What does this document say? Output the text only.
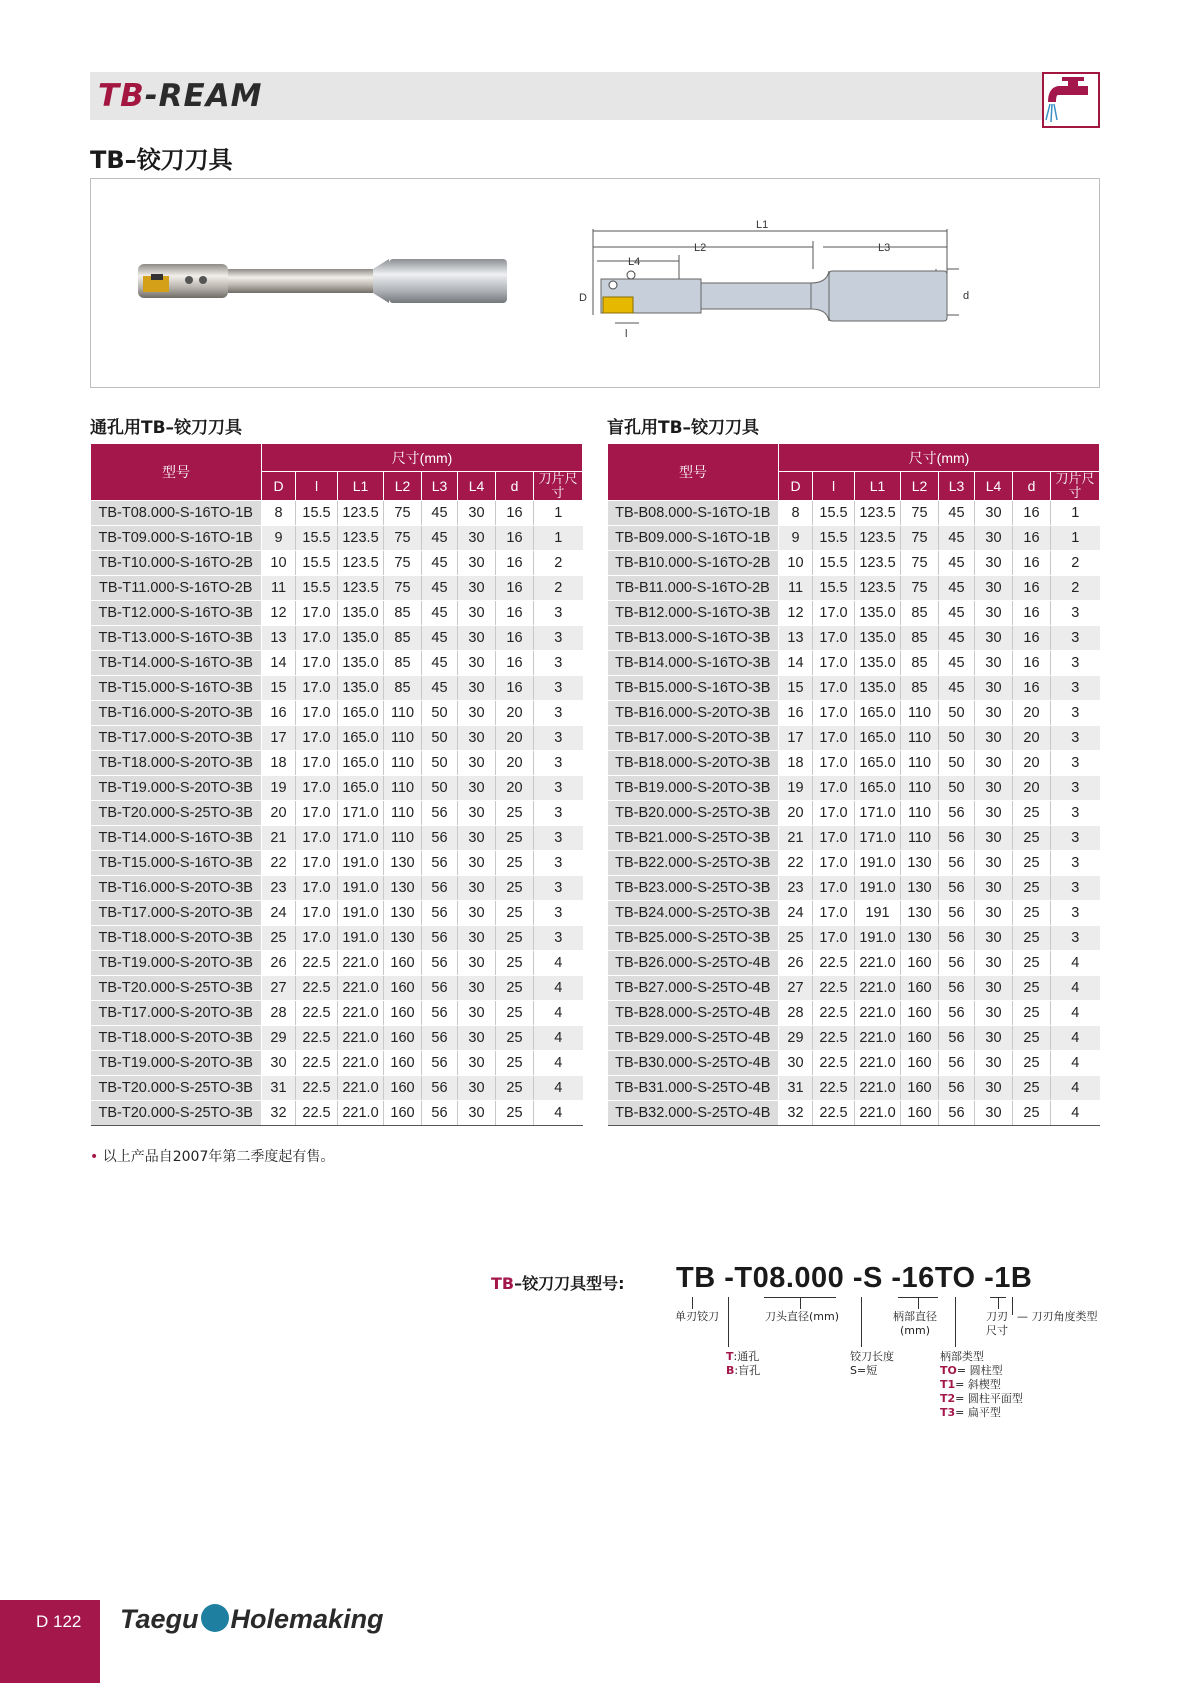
TB-REAM
TB–铰刀刀具
L1
L2	L3
L4
D	d
l
通孔用TB–铰刀刀具
型号	尺寸(mm)							
	D	l	L1	L2	L3	L4	d	刀片尺寸
TB-T08.000-S-16TO-1B	8	15.5	123.5	75	45	30	16	1
TB-T09.000-S-16TO-1B	9	15.5	123.5	75	45	30	16	1
TB-T10.000-S-16TO-2B	10	15.5	123.5	75	45	30	16	2
TB-T11.000-S-16TO-2B	11	15.5	123.5	75	45	30	16	2
TB-T12.000-S-16TO-3B	12	17.0	135.0	85	45	30	16	3
TB-T13.000-S-16TO-3B	13	17.0	135.0	85	45	30	16	3
TB-T14.000-S-16TO-3B	14	17.0	135.0	85	45	30	16	3
TB-T15.000-S-16TO-3B	15	17.0	135.0	85	45	30	16	3
TB-T16.000-S-20TO-3B	16	17.0	165.0	110	50	30	20	3
TB-T17.000-S-20TO-3B	17	17.0	165.0	110	50	30	20	3
TB-T18.000-S-20TO-3B	18	17.0	165.0	110	50	30	20	3
TB-T19.000-S-20TO-3B	19	17.0	165.0	110	50	30	20	3
TB-T20.000-S-25TO-3B	20	17.0	171.0	110	56	30	25	3
TB-T14.000-S-16TO-3B	21	17.0	171.0	110	56	30	25	3
TB-T15.000-S-16TO-3B	22	17.0	191.0	130	56	30	25	3
TB-T16.000-S-20TO-3B	23	17.0	191.0	130	56	30	25	3
TB-T17.000-S-20TO-3B	24	17.0	191.0	130	56	30	25	3
TB-T18.000-S-20TO-3B	25	17.0	191.0	130	56	30	25	3
TB-T19.000-S-20TO-3B	26	22.5	221.0	160	56	30	25	4
TB-T20.000-S-25TO-3B	27	22.5	221.0	160	56	30	25	4
TB-T17.000-S-20TO-3B	28	22.5	221.0	160	56	30	25	4
TB-T18.000-S-20TO-3B	29	22.5	221.0	160	56	30	25	4
TB-T19.000-S-20TO-3B	30	22.5	221.0	160	56	30	25	4
TB-T20.000-S-25TO-3B	31	22.5	221.0	160	56	30	25	4
TB-T20.000-S-25TO-3B	32	22.5	221.0	160	56	30	25	4
盲孔用TB–铰刀刀具
型号	尺寸(mm)							
	D	l	L1	L2	L3	L4	d	刀片尺寸
TB-B08.000-S-16TO-1B	8	15.5	123.5	75	45	30	16	1
TB-B09.000-S-16TO-1B	9	15.5	123.5	75	45	30	16	1
TB-B10.000-S-16TO-2B	10	15.5	123.5	75	45	30	16	2
TB-B11.000-S-16TO-2B	11	15.5	123.5	75	45	30	16	2
TB-B12.000-S-16TO-3B	12	17.0	135.0	85	45	30	16	3
TB-B13.000-S-16TO-3B	13	17.0	135.0	85	45	30	16	3
TB-B14.000-S-16TO-3B	14	17.0	135.0	85	45	30	16	3
TB-B15.000-S-16TO-3B	15	17.0	135.0	85	45	30	16	3
TB-B16.000-S-20TO-3B	16	17.0	165.0	110	50	30	20	3
TB-B17.000-S-20TO-3B	17	17.0	165.0	110	50	30	20	3
TB-B18.000-S-20TO-3B	18	17.0	165.0	110	50	30	20	3
TB-B19.000-S-20TO-3B	19	17.0	165.0	110	50	30	20	3
TB-B20.000-S-25TO-3B	20	17.0	171.0	110	56	30	25	3
TB-B21.000-S-25TO-3B	21	17.0	171.0	110	56	30	25	3
TB-B22.000-S-25TO-3B	22	17.0	191.0	130	56	30	25	3
TB-B23.000-S-25TO-3B	23	17.0	191.0	130	56	30	25	3
TB-B24.000-S-25TO-3B	24	17.0	191	130	56	30	25	3
TB-B25.000-S-25TO-3B	25	17.0	191.0	130	56	30	25	3
TB-B26.000-S-25TO-4B	26	22.5	221.0	160	56	30	25	4
TB-B27.000-S-25TO-4B	27	22.5	221.0	160	56	30	25	4
TB-B28.000-S-25TO-4B	28	22.5	221.0	160	56	30	25	4
TB-B29.000-S-25TO-4B	29	22.5	221.0	160	56	30	25	4
TB-B30.000-S-25TO-4B	30	22.5	221.0	160	56	30	25	4
TB-B31.000-S-25TO-4B	31	22.5	221.0	160	56	30	25	4
TB-B32.000-S-25TO-4B	32	22.5	221.0	160	56	30	25	4
• 以上产品自2007年第二季度起有售。
TB–铰刀刀具型号: TB -T08.000 -S -16TO -1B
单刃铰刀	刀头直径(mm)	柄部直径
(mm)
刀刃
尺寸
— 刀刃角度类型
T:通孔
B:盲孔
铰刀长度
S=短
柄部类型
TO= 圆柱型
T1= 斜楔型
T2= 圆柱平面型
T3= 扁平型
D 122 Taegu Holemaking
